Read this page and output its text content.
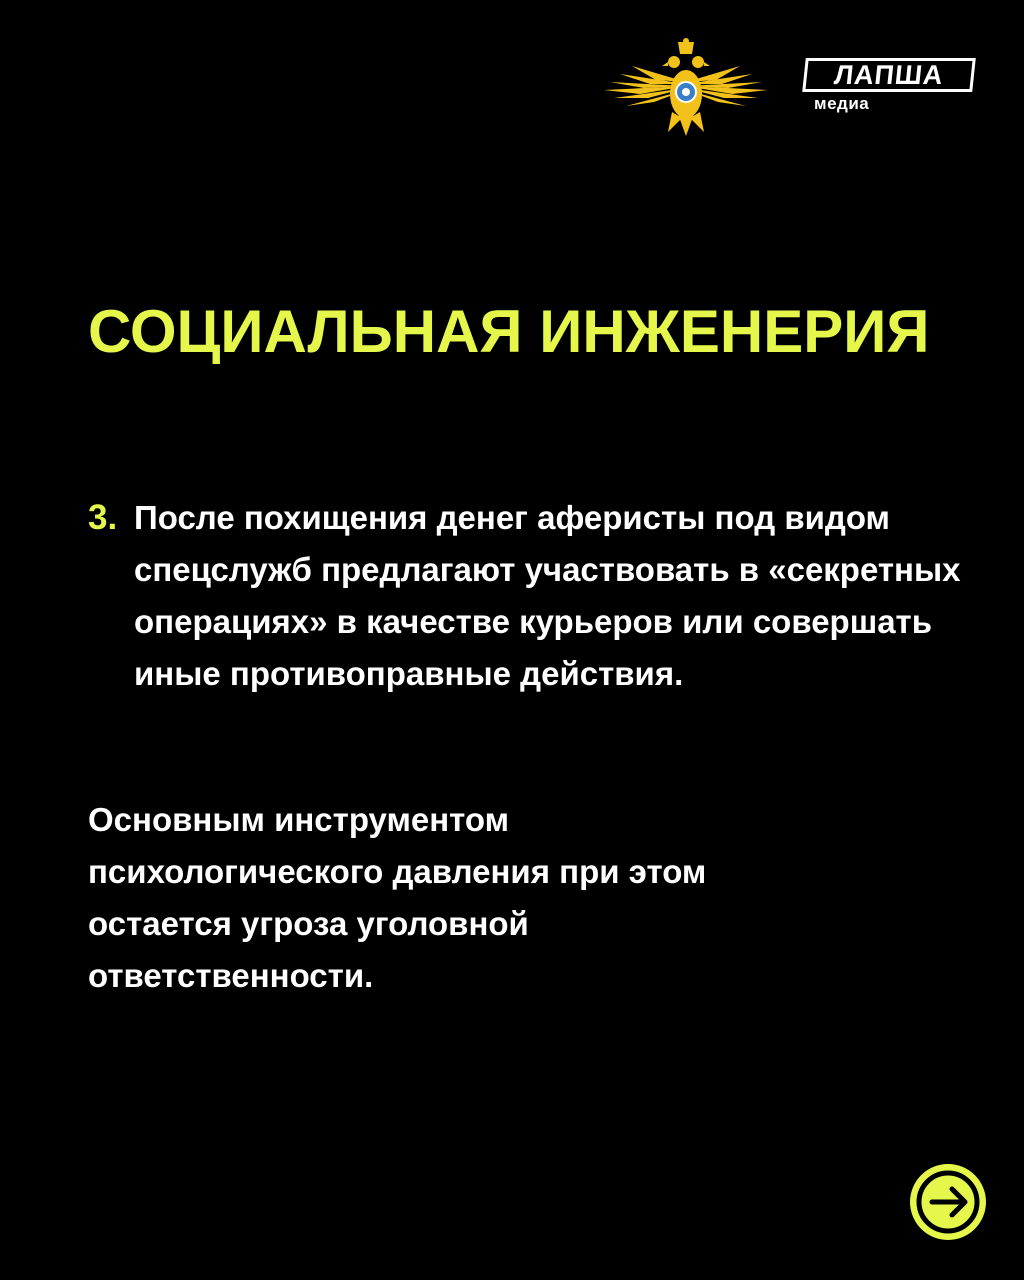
ЛАПША
медиа
СОЦИАЛЬНАЯ ИНЖЕНЕРИЯ
3. После похищения денег аферисты под видом спецслужб предлагают участвовать в «секретных операциях» в качестве курьеров или совершать иные противоправные действия.
Основным инструментом психологического давления при этом остается угроза уголовной ответственности.
